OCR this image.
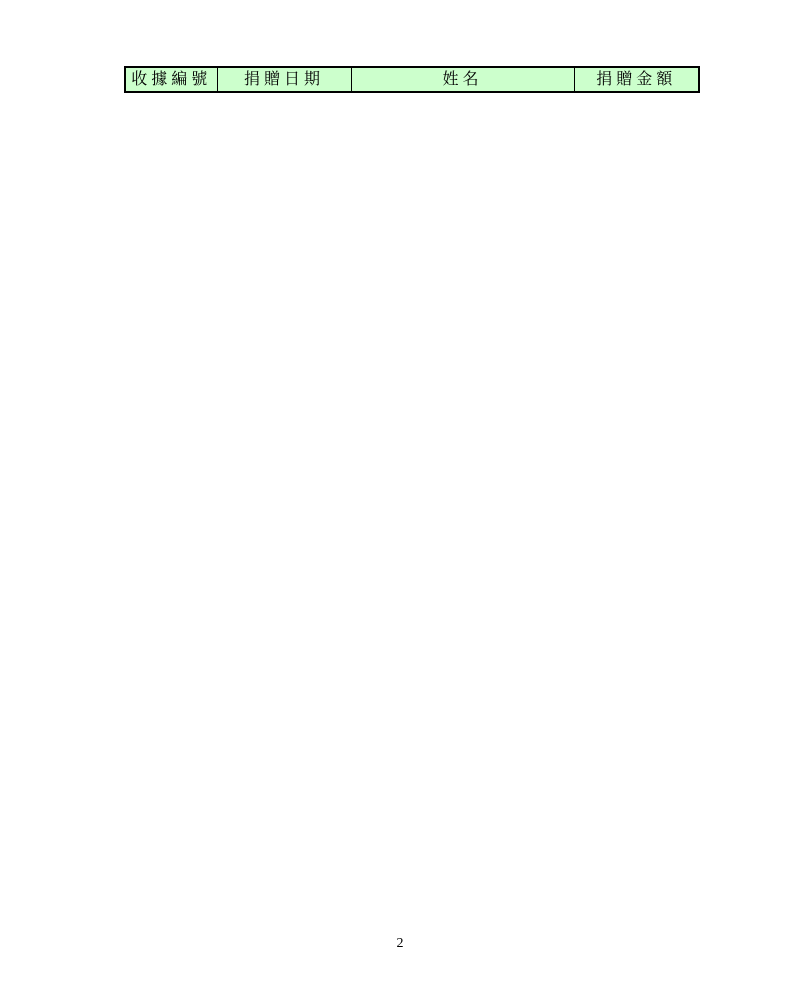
收據編號	捐贈日期	姓名	捐贈金額
2
